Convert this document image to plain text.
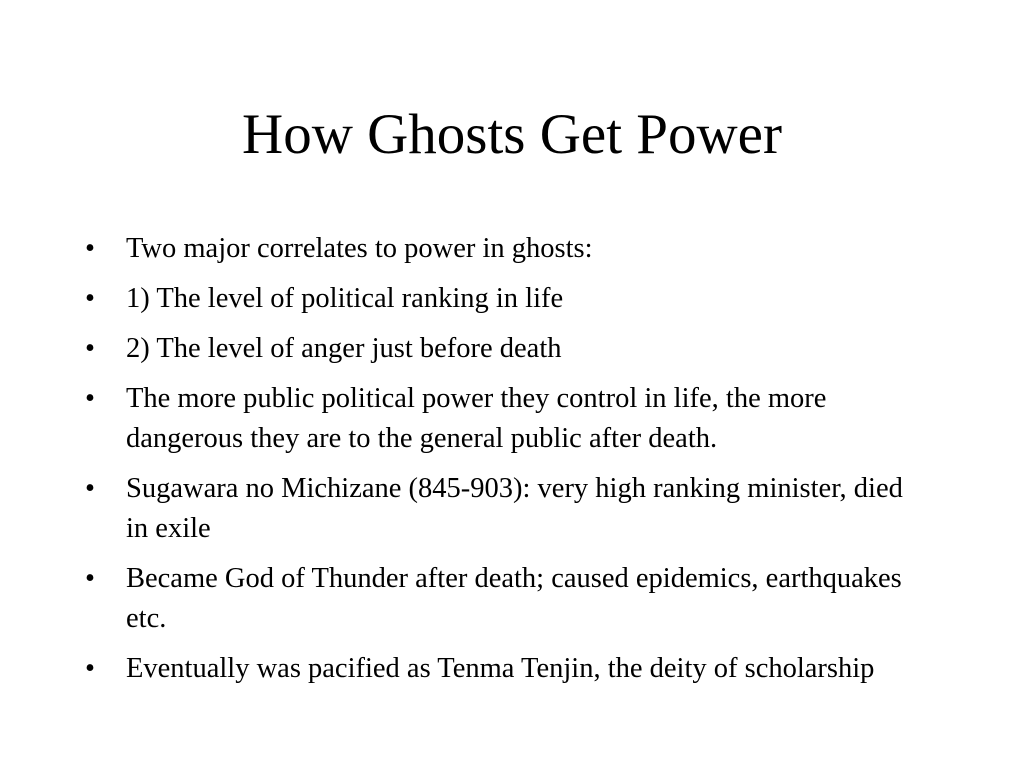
How Ghosts Get Power
• Two major correlates to power in ghosts:
• 1) The level of political ranking in life
• 2) The level of anger just before death
• The more public political power they control in life, the more dangerous they are to the general public after death.
• Sugawara no Michizane (845-903): very high ranking minister, died in exile
• Became God of Thunder after death; caused epidemics, earthquakes etc.
• Eventually was pacified as Tenma Tenjin, the deity of scholarship
